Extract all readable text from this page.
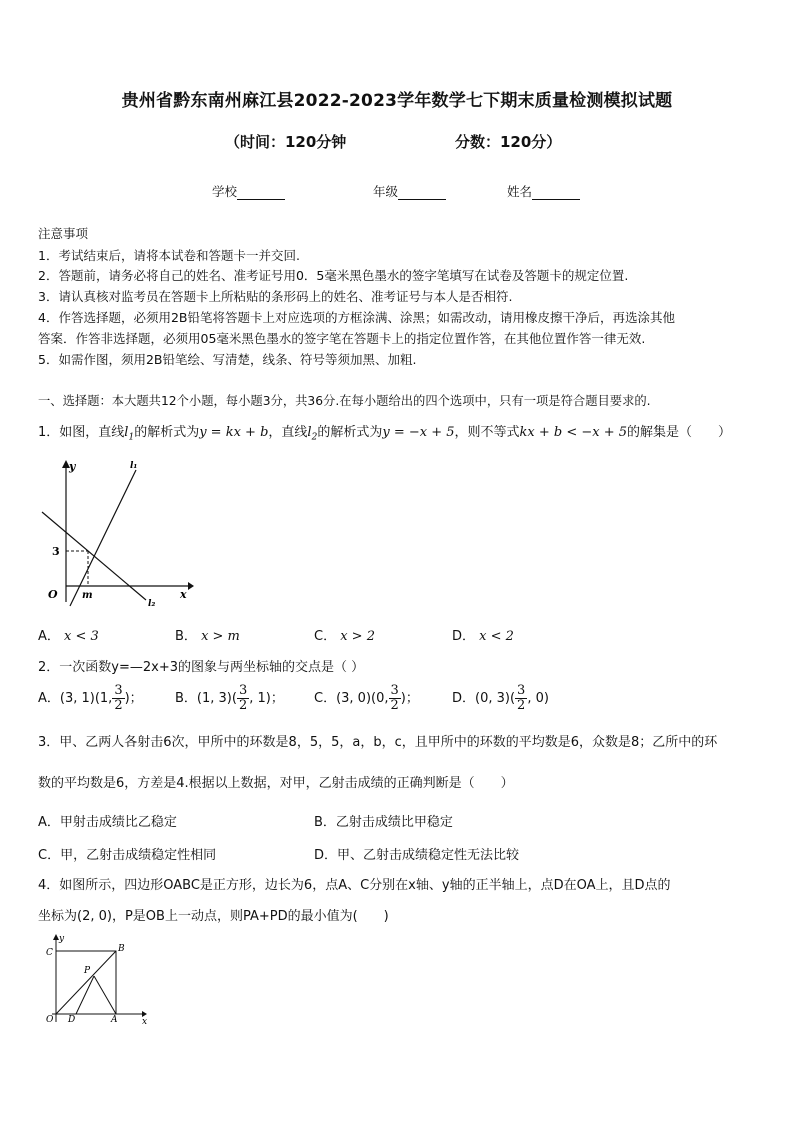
贵州省黔东南州麻江县2022-2023学年数学七下期末质量检测模拟试题
（时间：120分钟	分数：120分）
学校	年级	姓名
注意事项
1．考试结束后，请将本试卷和答题卡一并交回.
2．答题前，请务必将自己的姓名、准考证号用0．5毫米黑色墨水的签字笔填写在试卷及答题卡的规定位置.
3．请认真核对监考员在答题卡上所粘贴的条形码上的姓名、准考证号与本人是否相符.
4．作答选择题，必须用2B铅笔将答题卡上对应选项的方框涂满、涂黑；如需改动，请用橡皮擦干净后，再选涂其他
答案．作答非选择题，必须用05毫米黑色墨水的签字笔在答题卡上的指定位置作答，在其他位置作答一律无效.
5．如需作图，须用2B铅笔绘、写清楚，线条、符号等须加黑、加粗.
一、选择题：本大题共12个小题，每小题3分，共36分.在每小题给出的四个选项中，只有一项是符合题目要求的.
1．如图，直线$l_1$的解析式为y = kx + b，直线$l_2$的解析式为y = −x + 5，则不等式kx + b < −x + 5的解集是（　　）
y
x
l₁
l₂
3
O m
A． x < 3	B． x > m	C． x > 2	D． x < 2
2．一次函数y=—2x+3的图象与两坐标轴的交点是（ ）
A．(3, 1)(1, $\frac{3}{2}$ )； B．(1, $3)( \frac{3}{2}$ , 1)； C．(3, 0)(0, $\frac{3}{2}$ )；	D．(0, $3)( \frac{3}{2}$ , 0)
3．甲、乙两人各射击6次，甲所中的环数是8，5，5，a，b，c，且甲所中的环数的平均数是6，众数是8；乙所中的环
数的平均数是6，方差是4.根据以上数据，对甲，乙射击成绩的正确判断是（　　）
A．甲射击成绩比乙稳定	B．乙射击成绩比甲稳定
C．甲，乙射击成绩稳定性相同	D．甲、乙射击成绩稳定性无法比较
4．如图所示，四边形OABC是正方形，边长为6，点A、C分别在x轴、y轴的正半轴上，点D在OA上，且D点的
坐标为(2, 0)，P是OB上一动点，则PA+PD的最小值为(　　)
y
x
C	B
P
O D	A
